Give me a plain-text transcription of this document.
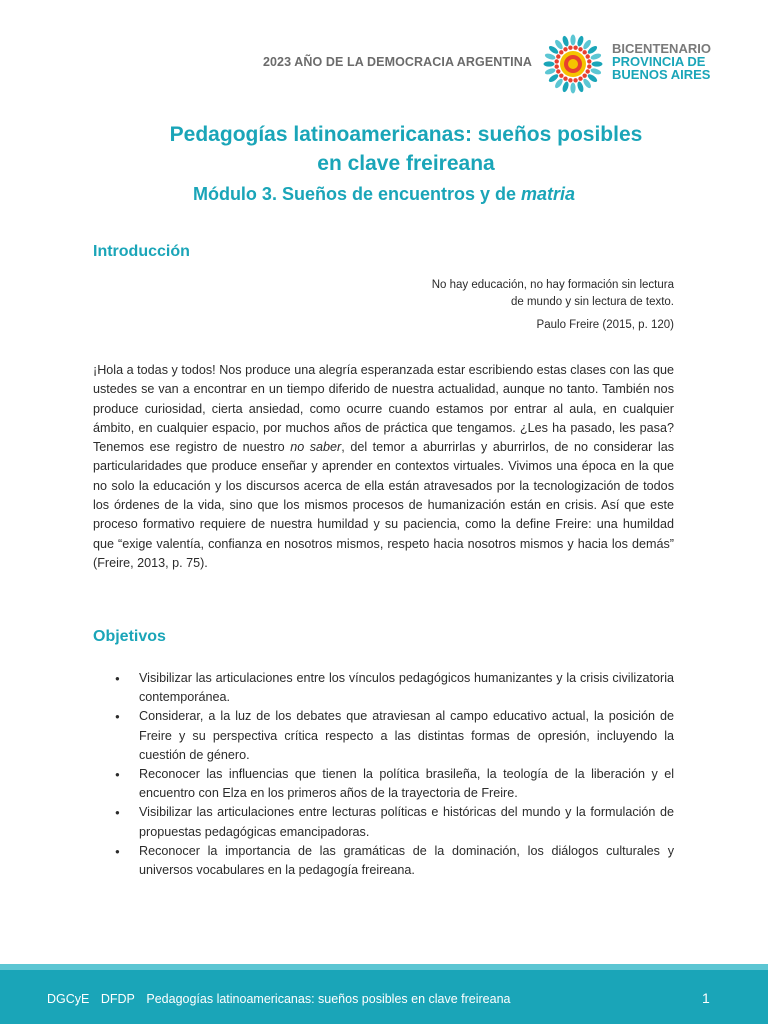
2023 AÑO DE LA DEMOCRACIA ARGENTINA
BICENTENARIO
PROVINCIA DE
BUENOS AIRES
Pedagogías latinoamericanas: sueños posibles
en clave freireana
Módulo 3. Sueños de encuentros y de matria
Introducción
No hay educación, no hay formación sin lectura
de mundo y sin lectura de texto.
Paulo Freire (2015, p. 120)

¡Hola a todas y todos! Nos produce una alegría esperanzada estar escribiendo estas clases con las que ustedes se van a encontrar en un tiempo diferido de nuestra actualidad, aunque no tanto. También nos produce curiosidad, cierta ansiedad, como ocurre cuando estamos por entrar al aula, en cualquier ámbito, en cualquier espacio, por muchos años de práctica que tengamos. ¿Les ha pasado, les pasa? Tenemos ese registro de nuestro no saber, del temor a aburrirlas y aburrirlos, de no considerar las particularidades que produce enseñar y aprender en contextos virtuales. Vivimos una época en la que no solo la educación y los discursos acerca de ella están atravesados por la tecnologización de todos los órdenes de la vida, sino que los mismos procesos de humanización están en crisis. Así que este proceso formativo requiere de nuestra humildad y su paciencia, como la define Freire: una humildad que “exige valentía, confianza en nosotros mismos, respeto hacia nosotros mismos y hacia los demás” (Freire, 2013, p. 75).

Objetivos
● Visibilizar las articulaciones entre los vínculos pedagógicos humanizantes y la crisis civilizatoria contemporánea.
● Considerar, a la luz de los debates que atraviesan al campo educativo actual, la posición de Freire y su perspectiva crítica respecto a las distintas formas de opresión, incluyendo la cuestión de género.
● Reconocer las influencias que tienen la política brasileña, la teología de la liberación y el encuentro con Elza en los primeros años de la trayectoria de Freire.
● Visibilizar las articulaciones entre lecturas políticas e históricas del mundo y la formulación de propuestas pedagógicas emancipadoras.
● Reconocer la importancia de las gramáticas de la dominación, los diálogos culturales y universos vocabulares en la pedagogía freireana.
DGCyE DFDP Pedagogías latinoamericanas: sueños posibles en clave freireana	1
